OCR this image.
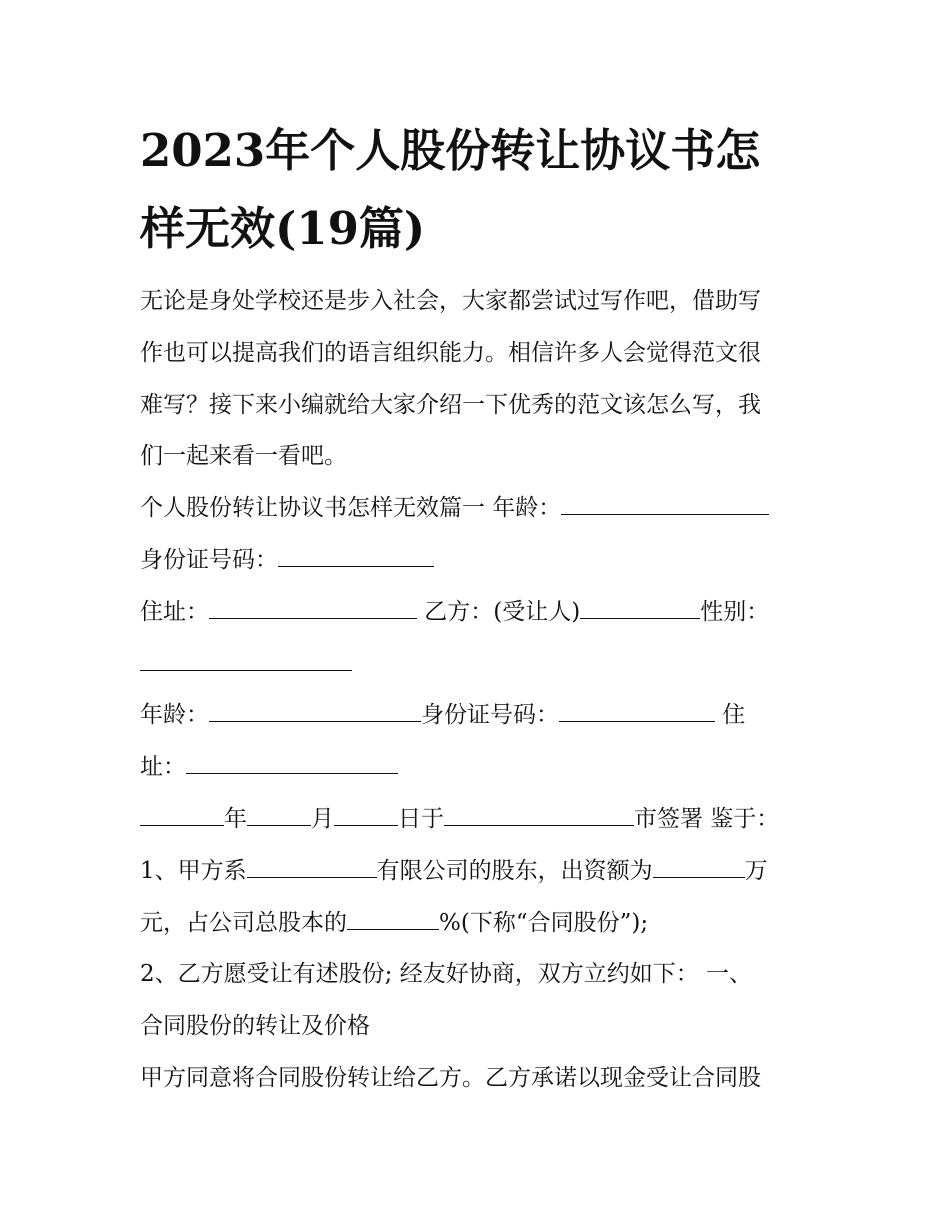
2023年个人股份转让协议书怎
样无效(19篇)
无论是身处学校还是步入社会，大家都尝试过写作吧，借助写
作也可以提高我们的语言组织能力。相信许多人会觉得范文很
难写？接下来小编就给大家介绍一下优秀的范文该怎么写，我
们一起来看一看吧。
个人股份转让协议书怎样无效篇一 年龄：
身份证号码：
住址：	乙方：(受让人)	性别：
年龄：	身份证号码：	住
址：
年	月	日于	市签署 鉴于：
1、甲方系	有限公司的股东，出资额为	万
元，占公司总股本的	%(下称“合同股份”);
2、乙方愿受让有述股份; 经友好协商，双方立约如下： 一、
合同股份的转让及价格
甲方同意将合同股份转让给乙方。乙方承诺以现金受让合同股
